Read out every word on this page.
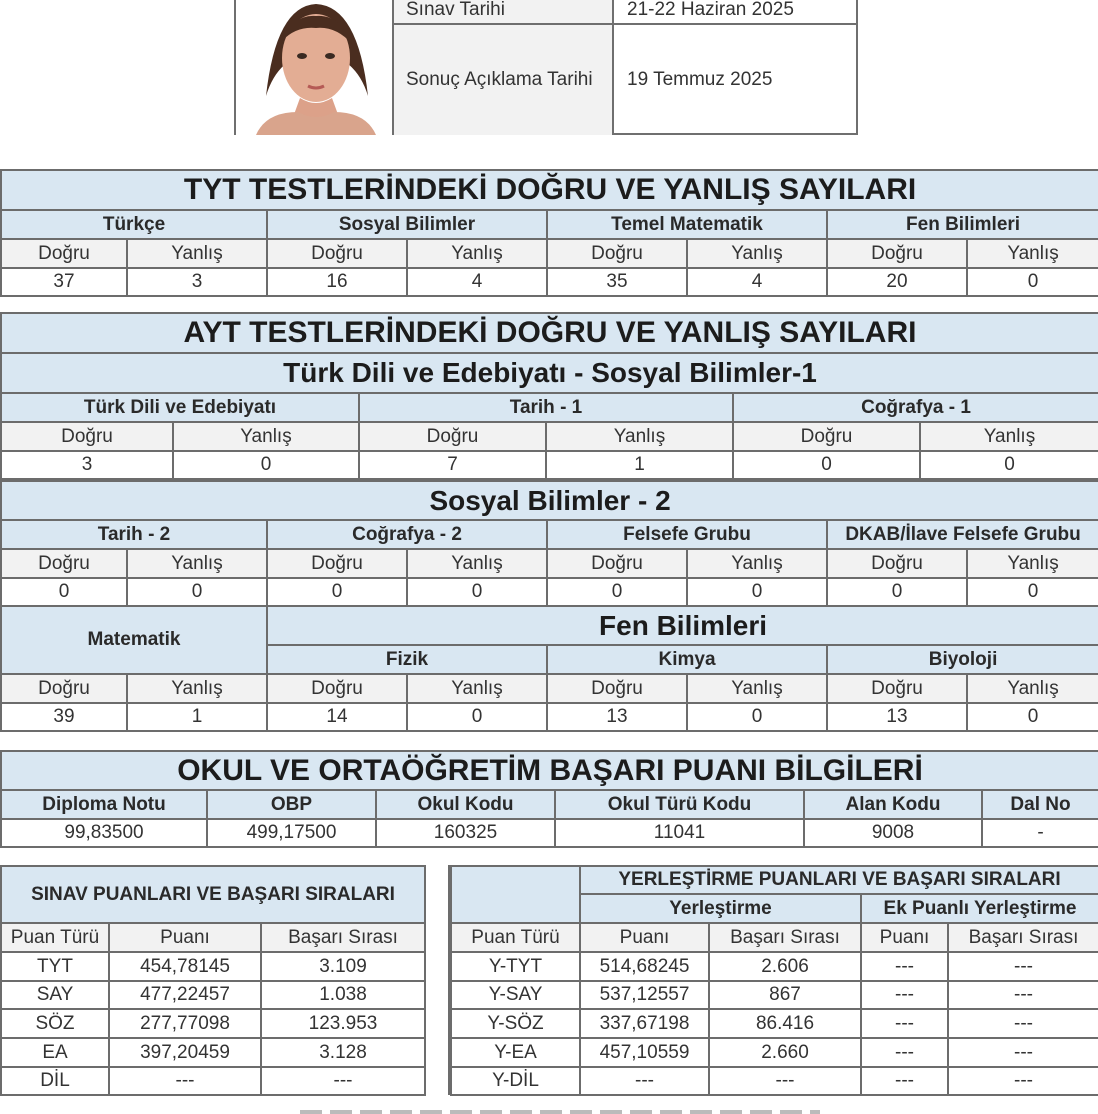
Sınav Tarihi	21-22 Haziran 2025
Sonuç Açıklama Tarihi	19 Temmuz 2025
TYT TESTLERİNDEKİ DOĞRU VE YANLIŞ SAYILARI							
Türkçe		Sosyal Bilimler		Temel Matematik		Fen Bilimleri	
Doğru	Yanlış	Doğru	Yanlış	Doğru	Yanlış	Doğru	Yanlış
37	3	16	4	35	4	20	0
AYT TESTLERİNDEKİ DOĞRU VE YANLIŞ SAYILARI					
Türk Dili ve Edebiyatı - Sosyal Bilimler-1					
Türk Dili ve Edebiyatı		Tarih - 1		Coğrafya - 1	
Doğru	Yanlış	Doğru	Yanlış	Doğru	Yanlış
3	0	7	1	0	0
Sosyal Bilimler - 2							
Tarih - 2		Coğrafya - 2		Felsefe Grubu		DKAB/İlave Felsefe Grubu	
Doğru	Yanlış	Doğru	Yanlış	Doğru	Yanlış	Doğru	Yanlış
0	0	0	0	0	0	0	0
Matematik		Fen Bilimleri					
		Fizik		Kimya		Biyoloji	
Doğru	Yanlış	Doğru	Yanlış	Doğru	Yanlış	Doğru	Yanlış
39	1	14	0	13	0	13	0
OKUL VE ORTAÖĞRETİM BAŞARI PUANI BİLGİLERİ					
Diploma Notu	OBP	Okul Kodu	Okul Türü Kodu	Alan Kodu	Dal No
99,83500	499,17500	160325	11041	9008	-
SINAV PUANLARI VE BAŞARI SIRALARI		
Puan Türü	Puanı	Başarı Sırası
TYT	454,78145	3.109
SAY	477,22457	1.038
SÖZ	277,77098	123.953
EA	397,20459	3.128
DİL	---	---
	YERLEŞTİRME PUANLARI VE BAŞARI SIRALARI			
	Yerleştirme		Ek Puanlı Yerleştirme	
Puan Türü	Puanı	Başarı Sırası	Puanı	Başarı Sırası
Y-TYT	514,68245	2.606	---	---
Y-SAY	537,12557	867	---	---
Y-SÖZ	337,67198	86.416	---	---
Y-EA	457,10559	2.660	---	---
Y-DİL	---	---	---	---
